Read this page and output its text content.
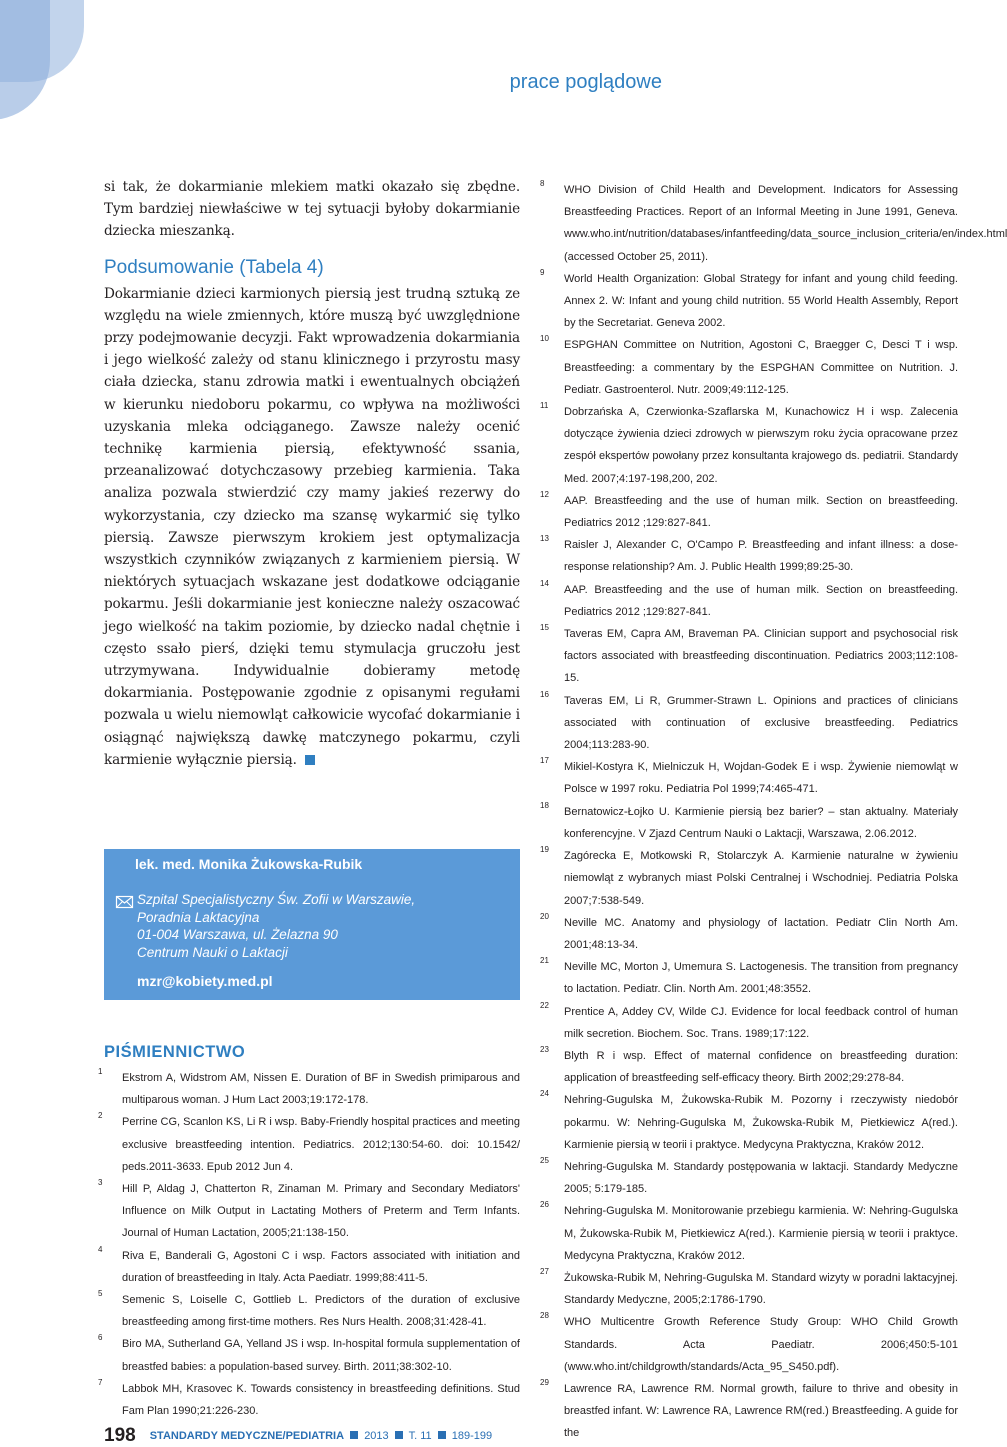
prace poglądowe

si tak, że dokarmianie mlekiem matki okazało się zbędne. Tym bardziej niewłaściwe w tej sytuacji byłoby dokarmianie dziecka mieszanką.

Podsumowanie (Tabela 4)

Dokarmianie dzieci karmionych piersią jest trudną sztuką ze względu na wiele zmiennych, które muszą być uwzględnione przy podejmowanie decyzji. Fakt wprowadzenia dokarmiania i jego wielkość zależy od stanu klinicznego i przyrostu masy ciała dziecka, stanu zdrowia matki i ewentualnych obciążeń w kierunku niedoboru pokarmu, co wpływa na możliwości uzyskania mleka odciąganego. Zawsze należy ocenić technikę karmienia piersią, efektywność ssania, przeanalizować dotychczasowy przebieg karmienia. Taka analiza pozwala stwierdzić czy mamy jakieś rezerwy do wykorzystania, czy dziecko ma szansę wykarmić się tylko piersią. Zawsze pierwszym krokiem jest optymalizacja wszystkich czynników związanych z karmieniem piersią. W niektórych sytuacjach wskazane jest dodatkowe odciąganie pokarmu. Jeśli dokarmianie jest konieczne należy oszacować jego wielkość na takim poziomie, by dziecko nadal chętnie i często ssało pierś, dzięki temu stymulacja gruczołu jest utrzymywana. Indywidualnie dobieramy metodę dokarmiania. Postępowanie zgodnie z opisanymi regułami pozwala u wielu niemowląt całkowicie wycofać dokarmianie i osiągnąć największą dawkę matczynego pokarmu, czyli karmienie wyłącznie piersią.

lek. med. Monika Żukowska-Rubik
Szpital Specjalistyczny Św. Zofii w Warszawie,
Poradnia Laktacyjna
01-004 Warszawa, ul. Żelazna 90
Centrum Nauki o Laktacji
mzr@kobiety.med.pl
PIŚMIENNICTWO
1
Ekstrom A, Widstrom AM, Nissen E. Duration of BF in Swedish primiparous and multiparous woman. J Hum Lact 2003;19:172-178.
2
Perrine CG, Scanlon KS, Li R i wsp. Baby-Friendly hospital practices and meeting exclusive breastfeeding intention. Pediatrics. 2012;130:54-60. doi: 10.1542/ peds.2011-3633. Epub 2012 Jun 4.
3
Hill P, Aldag J, Chatterton R, Zinaman M. Primary and Secondary Mediators' Influence on Milk Output in Lactating Mothers of Preterm and Term Infants. Journal of Human Lactation, 2005;21:138-150.
4
Riva E, Banderali G, Agostoni C i wsp. Factors associated with initiation and duration of breastfeeding in Italy. Acta Paediatr. 1999;88:411-5.
5
Semenic S, Loiselle C, Gottlieb L. Predictors of the duration of exclusive breastfeeding among first-time mothers. Res Nurs Health. 2008;31:428-41.
6
Biro MA, Sutherland GA, Yelland JS i wsp. In-hospital formula supplementation of breastfed babies: a population-based survey. Birth. 2011;38:302-10.
7
Labbok MH, Krasovec K. Towards consistency in breastfeeding definitions. Stud Fam Plan 1990;21:226-230.
8
WHO Division of Child Health and Development. Indicators for Assessing Breastfeeding Practices. Report of an Informal Meeting in June 1991, Geneva. www.who.int/nutrition/databases/infantfeeding/data_source_inclusion_criteria/en/index.html (accessed October 25, 2011).
9
World Health Organization: Global Strategy for infant and young child feeding. Annex 2. W: Infant and young child nutrition. 55 World Health Assembly, Report by the Secretariat. Geneva 2002.
10
ESPGHAN Committee on Nutrition, Agostoni C, Braegger C, Desci T i wsp. Breastfeeding: a commentary by the ESPGHAN Committee on Nutrition. J. Pediatr. Gastroenterol. Nutr. 2009;49:112-125.
11
Dobrzańska A, Czerwionka-Szaflarska M, Kunachowicz H i wsp. Zalecenia dotyczące żywienia dzieci zdrowych w pierwszym roku życia opracowane przez zespół ekspertów powołany przez konsultanta krajowego ds. pediatrii. Standardy Med. 2007;4:197-198,200, 202.
12
AAP. Breastfeeding and the use of human milk. Section on breastfeeding. Pediatrics 2012 ;129:827-841.
13
Raisler J, Alexander C, O'Campo P. Breastfeeding and infant illness: a dose-response relationship? Am. J. Public Health 1999;89:25-30.
14
AAP. Breastfeeding and the use of human milk. Section on breastfeeding. Pediatrics 2012 ;129:827-841.
15
Taveras EM, Capra AM, Braveman PA. Clinician support and psychosocial risk factors associated with breastfeeding discontinuation. Pediatrics 2003;112:108-15.
16
Taveras EM, Li R, Grummer-Strawn L. Opinions and practices of clinicians associated with continuation of exclusive breastfeeding. Pediatrics 2004;113:283-90.
17
Mikiel-Kostyra K, Mielniczuk H, Wojdan-Godek E i wsp. Żywienie niemowląt w Polsce w 1997 roku. Pediatria Pol 1999;74:465-471.
18
Bernatowicz-Łojko U. Karmienie piersią bez barier? – stan aktualny. Materiały konferencyjne. V Zjazd Centrum Nauki o Laktacji, Warszawa, 2.06.2012.
19
Zagórecka E, Motkowski R, Stolarczyk A. Karmienie naturalne w żywieniu niemowląt z wybranych miast Polski Centralnej i Wschodniej. Pediatria Polska 2007;7:538-549.
20
Neville MC. Anatomy and physiology of lactation. Pediatr Clin North Am. 2001;48:13-34.
21
Neville MC, Morton J, Umemura S. Lactogenesis. The transition from pregnancy to lactation. Pediatr. Clin. North Am. 2001;48:3552.
22
Prentice A, Addey CV, Wilde CJ. Evidence for local feedback control of human milk secretion. Biochem. Soc. Trans. 1989;17:122.
23
Blyth R i wsp. Effect of maternal confidence on breastfeeding duration: application of breastfeeding self-efficacy theory. Birth 2002;29:278-84.
24
Nehring-Gugulska M, Żukowska-Rubik M. Pozorny i rzeczywisty niedobór pokarmu. W: Nehring-Gugulska M, Żukowska-Rubik M, Pietkiewicz A(red.). Karmienie piersią w teorii i praktyce. Medycyna Praktyczna, Kraków 2012.
25
Nehring-Gugulska M. Standardy postępowania w laktacji. Standardy Medyczne 2005; 5:179-185.
26
Nehring-Gugulska M. Monitorowanie przebiegu karmienia. W: Nehring-Gugulska M, Żukowska-Rubik M, Pietkiewicz A(red.). Karmienie piersią w teorii i praktyce. Medycyna Praktyczna, Kraków 2012.
27
Żukowska-Rubik M, Nehring-Gugulska M. Standard wizyty w poradni laktacyjnej. Standardy Medyczne, 2005;2:1786-1790.
28
WHO Multicentre Growth Reference Study Group: WHO Child Growth Standards. Acta Paediatr. 2006;450:5-101 (www.who.int/childgrowth/standards/Acta_95_S450.pdf).
29
Lawrence RA, Lawrence RM. Normal growth, failure to thrive and obesity in breastfed infant. W: Lawrence RA, Lawrence RM(red.) Breastfeeding. A guide for the
198 STANDARDY MEDYCZNE/PEDIATRIA 2013 T. 11 189-199
